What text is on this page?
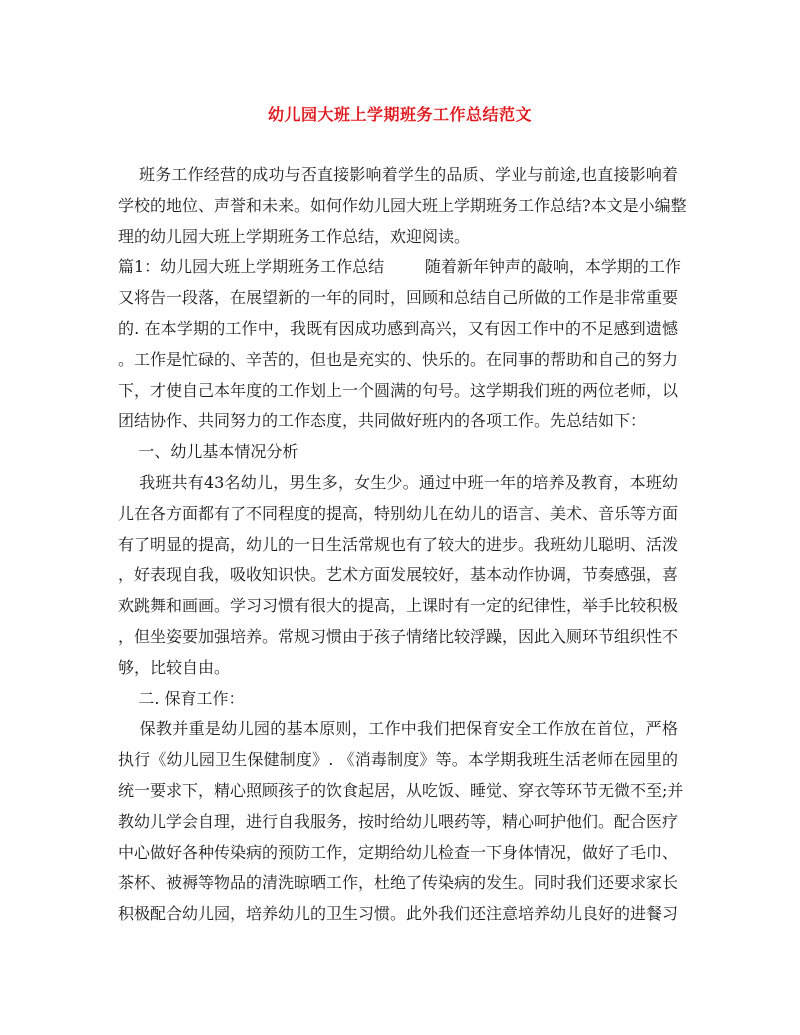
幼儿园大班上学期班务工作总结范文
班务工作经营的成功与否直接影响着学生的品质、学业与前途,也直接影响着
学校的地位、声誉和未来。如何作幼儿园大班上学期班务工作总结?本文是小编整
理的幼儿园大班上学期班务工作总结，欢迎阅读。
篇1：幼儿园大班上学期班务工作总结        随着新年钟声的敲响，本学期的工作
又将告一段落，在展望新的一年的同时，回顾和总结自己所做的工作是非常重要
的. 在本学期的工作中，我既有因成功感到高兴，又有因工作中的不足感到遗憾
。工作是忙碌的、辛苦的，但也是充实的、快乐的。在同事的帮助和自己的努力
下，才使自己本年度的工作划上一个圆满的句号。这学期我们班的两位老师，以
团结协作、共同努力的工作态度，共同做好班内的各项工作。先总结如下：
一、幼儿基本情况分析
我班共有43名幼儿，男生多，女生少。通过中班一年的培养及教育，本班幼
儿在各方面都有了不同程度的提高，特别幼儿在幼儿的语言、美术、音乐等方面
有了明显的提高，幼儿的一日生活常规也有了较大的进步。我班幼儿聪明、活泼
，好表现自我，吸收知识快。艺术方面发展较好，基本动作协调，节奏感强，喜
欢跳舞和画画。学习习惯有很大的提高，上课时有一定的纪律性，举手比较积极
，但坐姿要加强培养。常规习惯由于孩子情绪比较浮躁，因此入厕环节组织性不
够，比较自由。
二. 保育工作：
保教并重是幼儿园的基本原则，工作中我们把保育安全工作放在首位，严格
执行《幼儿园卫生保健制度》. 《消毒制度》等。本学期我班生活老师在园里的
统一要求下，精心照顾孩子的饮食起居，从吃饭、睡觉、穿衣等环节无微不至;并
教幼儿学会自理，进行自我服务，按时给幼儿喂药等，精心呵护他们。配合医疗
中心做好各种传染病的预防工作，定期给幼儿检查一下身体情况，做好了毛巾、
茶杯、被褥等物品的清洗晾晒工作，杜绝了传染病的发生。同时我们还要求家长
积极配合幼儿园，培养幼儿的卫生习惯。此外我们还注意培养幼儿良好的进餐习
